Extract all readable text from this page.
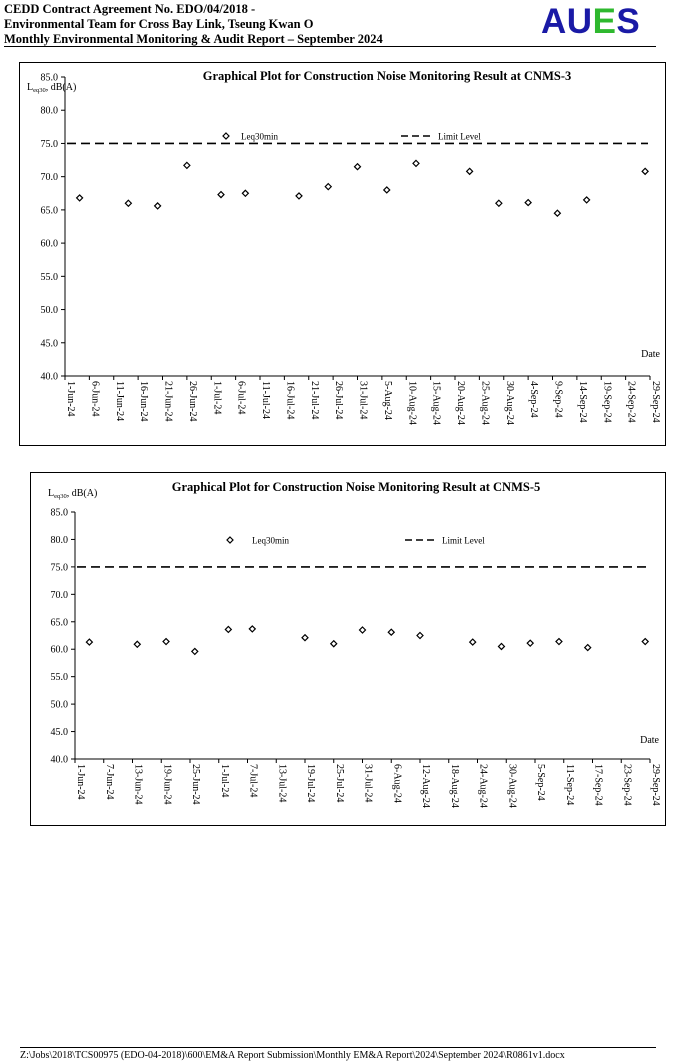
CEDD Contract Agreement No. EDO/04/2018 -
Environmental Team for Cross Bay Link, Tseung Kwan O
Monthly Environmental Monitoring & Audit Report – September 2024	AUES
Graphical Plot for Construction Noise Monitoring Result at CNMS-3
$L_{eq30}$, dB(A)
40.0
45.0
50.0
55.0
60.0
65.0
70.0
75.0
80.0
85.0
1-Jun-24 6-Jun-24 11-Jun-24 16-Jun-24 21-Jun-24 26-Jun-24 1-Jul-24 6-Jul-24 11-Jul-24 16-Jul-24 21-Jul-24 26-Jul-24 31-Jul-24 5-Aug-24 10-Aug-24 15-Aug-24 20-Aug-24 25-Aug-24 30-Aug-24 4-Sep-24 9-Sep-24 14-Sep-24 19-Sep-24 24-Sep-24 29-Sep-24
Date
Leq30min	Limit Level
Graphical Plot for Construction Noise Monitoring Result at CNMS-5
$L_{eq30}$, dB(A)
40.0
45.0
50.0
55.0
60.0
65.0
70.0
75.0
80.0
85.0
1-Jun-24 7-Jun-24 13-Jun-24 19-Jun-24 25-Jun-24 1-Jul-24 7-Jul-24 13-Jul-24 19-Jul-24 25-Jul-24 31-Jul-24 6-Aug-24 12-Aug-24 18-Aug-24 24-Aug-24 30-Aug-24 5-Sep-24 11-Sep-24 17-Sep-24 23-Sep-24 29-Sep-24
Date
Leq30min	Limit Level
Z:\Jobs\2018\TCS00975 (EDO-04-2018)\600\EM&A Report Submission\Monthly EM&A Report\2024\September 2024\R0861v1.docx
